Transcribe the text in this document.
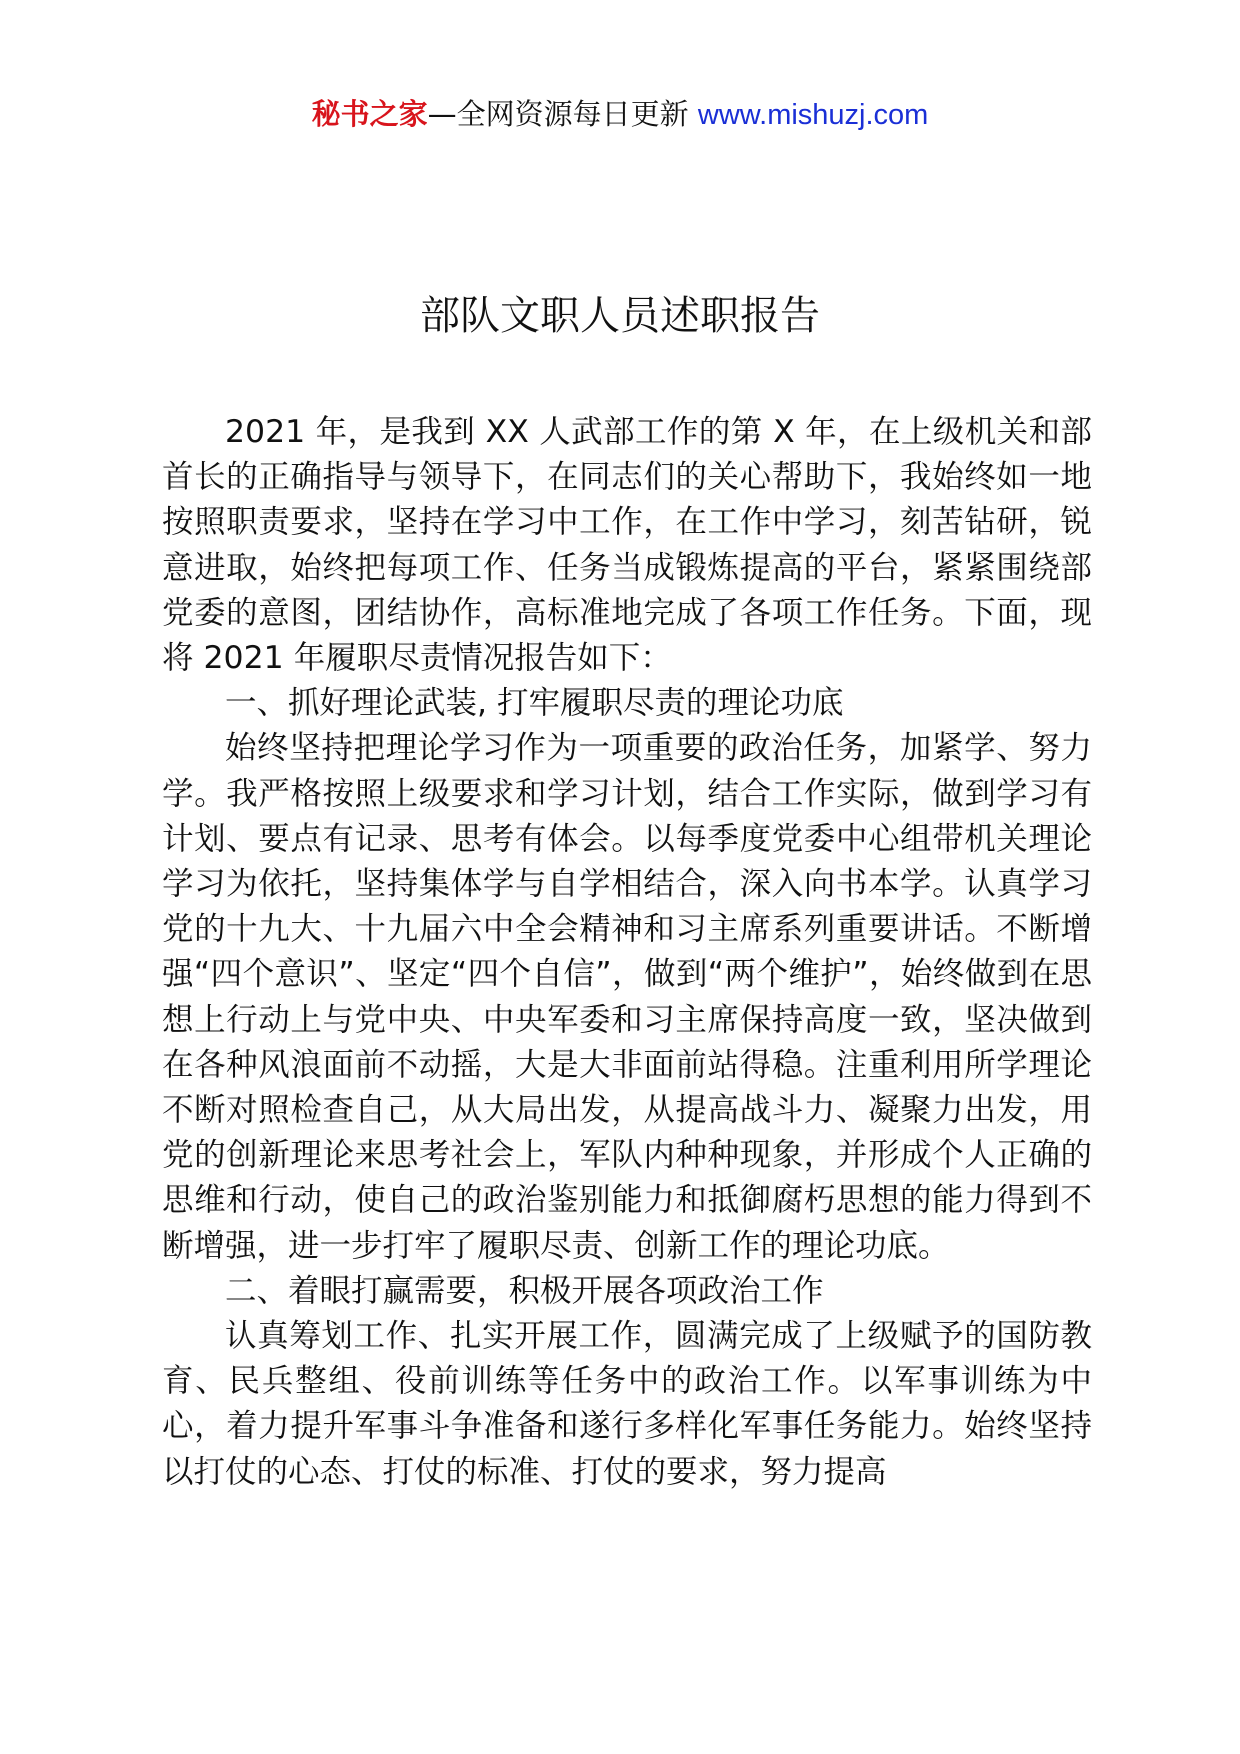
秘书之家—全网资源每日更新 www.mishuzj.com
部队文职人员述职报告

2021 年，是我到 XX 人武部工作的第 X 年，在上级机关和部首长的正确指导与领导下，在同志们的关心帮助下，我始终如一地按照职责要求，坚持在学习中工作，在工作中学习，刻苦钻研，锐意进取，始终把每项工作、任务当成锻炼提高的平台，紧紧围绕部党委的意图，团结协作，高标准地完成了各项工作任务。下面，现将 2021 年履职尽责情况报告如下：

一、抓好理论武装, 打牢履职尽责的理论功底

始终坚持把理论学习作为一项重要的政治任务，加紧学、努力学。我严格按照上级要求和学习计划，结合工作实际，做到学习有计划、要点有记录、思考有体会。以每季度党委中心组带机关理论学习为依托，坚持集体学与自学相结合，深入向书本学。认真学习党的十九大、十九届六中全会精神和习主席系列重要讲话。不断增强“四个意识”、坚定“四个自信”，做到“两个维护”，始终做到在思想上行动上与党中央、中央军委和习主席保持高度一致，坚决做到在各种风浪面前不动摇，大是大非面前站得稳。注重利用所学理论不断对照检查自己，从大局出发，从提高战斗力、凝聚力出发，用党的创新理论来思考社会上，军队内种种现象，并形成个人正确的思维和行动，使自己的政治鉴别能力和抵御腐朽思想的能力得到不断增强，进一步打牢了履职尽责、创新工作的理论功底。

二、着眼打赢需要，积极开展各项政治工作

认真筹划工作、扎实开展工作，圆满完成了上级赋予的国防教育、民兵整组、役前训练等任务中的政治工作。以军事训练为中心，着力提升军事斗争准备和遂行多样化军事任务能力。始终坚持以打仗的心态、打仗的标准、打仗的要求，努力提高
